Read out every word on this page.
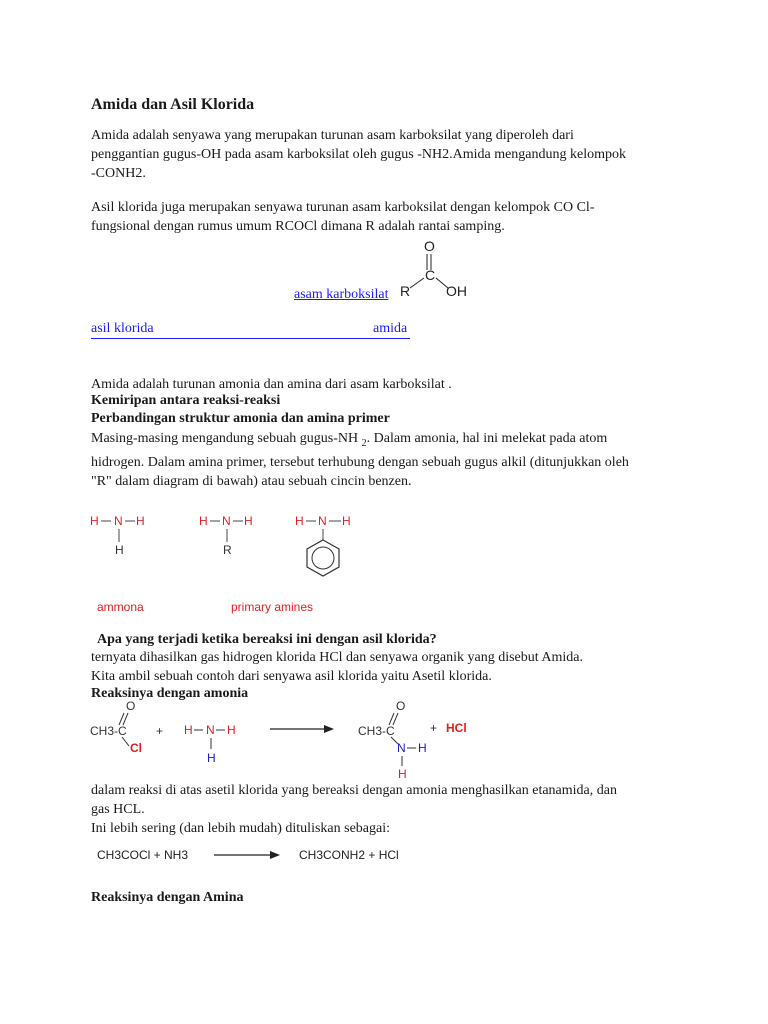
Amida dan Asil Klorida
Amida adalah senyawa yang merupakan turunan asam karboksilat yang diperoleh dari
penggantian gugus-OH pada asam karboksilat oleh gugus -NH2.Amida mengandung kelompok
-CONH2.
Asil klorida juga merupakan senyawa turunan asam karboksilat dengan kelompok CO Cl-
fungsional dengan rumus umum RCOCl dimana R adalah rantai samping.
O
C
R	OH
asam karboksilat
asil klorida	amida
Amida adalah turunan amonia dan amina dari asam karboksilat .
Kemiripan antara reaksi-reaksi
Perbandingan struktur amonia dan amina primer
Masing-masing mengandung sebuah gugus-NH $_2$. Dalam amonia, hal ini melekat pada atom
hidrogen. Dalam amina primer, tersebut terhubung dengan sebuah gugus alkil (ditunjukkan oleh
"R" dalam diagram di bawah) atau sebuah cincin benzen.
H N H
H
H N H
R
H N H
ammona	primary amines
Apa yang terjadi ketika bereaksi ini dengan asil klorida?
ternyata dihasilkan gas hidrogen klorida HCl dan senyawa organik yang disebut Amida.
Kita ambil sebuah contoh dari senyawa asil klorida yaitu Asetil klorida.
Reaksinya dengan amonia
O
CH3-C
Cl
+ H N H
H
O
CH3-C
N H
H
+ HCl
dalam reaksi di atas asetil klorida yang bereaksi dengan amonia menghasilkan etanamida, dan
gas HCL.
Ini lebih sering (dan lebih mudah) dituliskan sebagai:
CH3COCl + NH3	CH3CONH2 + HCl
Reaksinya dengan Amina
